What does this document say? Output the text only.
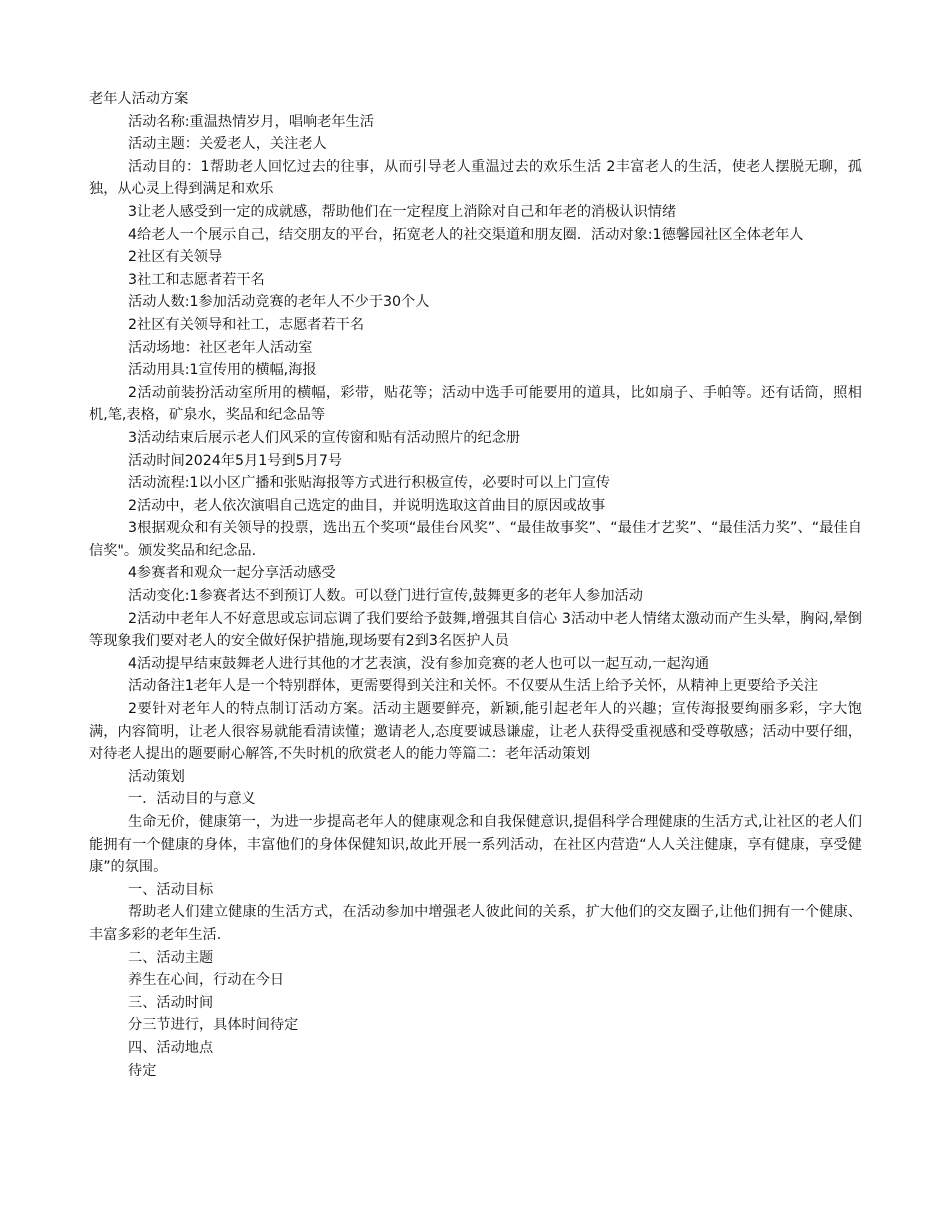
老年人活动方案

活动名称:重温热情岁月，唱响老年生活

活动主题：关爱老人，关注老人

活动目的：1帮助老人回忆过去的往事，从而引导老人重温过去的欢乐生活 2丰富老人的生活，使老人摆脱无聊，孤独，从心灵上得到满足和欢乐

3让老人感受到一定的成就感，帮助他们在一定程度上消除对自己和年老的消极认识情绪

4给老人一个展示自己，结交朋友的平台，拓宽老人的社交渠道和朋友圈．活动对象:1德馨园社区全体老年人

2社区有关领导

3社工和志愿者若干名

活动人数:1参加活动竞赛的老年人不少于30个人

2社区有关领导和社工，志愿者若干名

活动场地：社区老年人活动室

活动用具:1宣传用的横幅,海报

2活动前装扮活动室所用的横幅，彩带，贴花等；活动中选手可能要用的道具，比如扇子、手帕等。还有话筒，照相机,笔,表格，矿泉水，奖品和纪念品等

3活动结束后展示老人们风采的宣传窗和贴有活动照片的纪念册

活动时间2024年5月1号到5月7号

活动流程:1以小区广播和张贴海报等方式进行积极宣传，必要时可以上门宣传

2活动中，老人依次演唱自己选定的曲目，并说明选取这首曲目的原因或故事

3根据观众和有关领导的投票，选出五个奖项“最佳台风奖”、“最佳故事奖”、“最佳才艺奖”、“最佳活力奖”、“最佳自信奖"。颁发奖品和纪念品.

4参赛者和观众一起分享活动感受

活动变化:1参赛者达不到预订人数。可以登门进行宣传,鼓舞更多的老年人参加活动

2活动中老年人不好意思或忘词忘调了我们要给予鼓舞,增强其自信心 3活动中老人情绪太激动而产生头晕，胸闷,晕倒等现象我们要对老人的安全做好保护措施,现场要有2到3名医护人员

4活动提早结束鼓舞老人进行其他的才艺表演，没有参加竞赛的老人也可以一起互动,一起沟通

活动备注1老年人是一个特别群体，更需要得到关注和关怀。不仅要从生活上给予关怀，从精神上更要给予关注

2要针对老年人的特点制订活动方案。活动主题要鲜亮，新颖,能引起老年人的兴趣；宣传海报要绚丽多彩，字大饱满，内容简明，让老人很容易就能看清读懂；邀请老人,态度要诚恳谦虚，让老人获得受重视感和受尊敬感；活动中要仔细，对待老人提出的题要耐心解答,不失时机的欣赏老人的能力等篇二：老年活动策划

活动策划

一．活动目的与意义

生命无价，健康第一，为进一步提高老年人的健康观念和自我保健意识,提倡科学合理健康的生活方式,让社区的老人们能拥有一个健康的身体，丰富他们的身体保健知识,故此开展一系列活动，在社区内营造“人人关注健康，享有健康，享受健康”的氛围。

一、活动目标

帮助老人们建立健康的生活方式，在活动参加中增强老人彼此间的关系，扩大他们的交友圈子,让他们拥有一个健康、丰富多彩的老年生活.

二、活动主题

养生在心间，行动在今日

三、活动时间

分三节进行，具体时间待定

四、活动地点

待定
